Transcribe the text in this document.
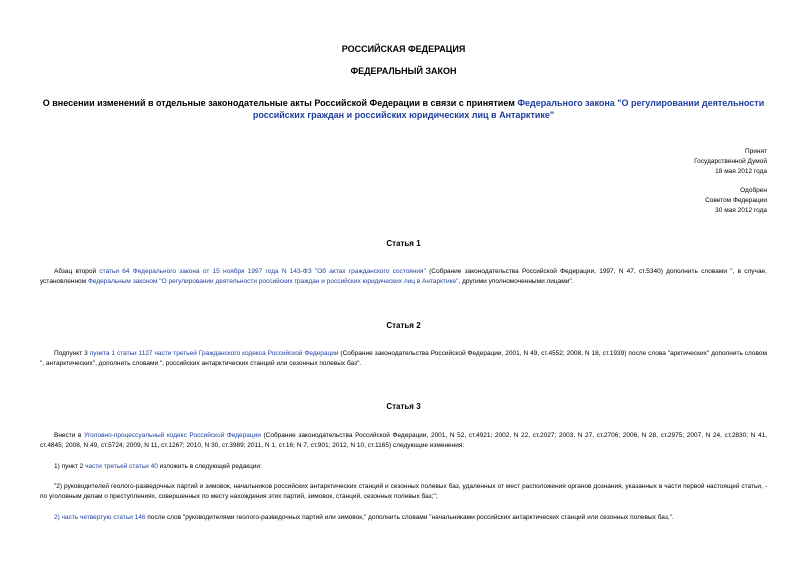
РОССИЙСКАЯ ФЕДЕРАЦИЯ
ФЕДЕРАЛЬНЫЙ ЗАКОН
О внесении изменений в отдельные законодательные акты Российской Федерации в связи с принятием Федерального закона "О регулировании деятельности российских граждан и российских юридических лиц в Антарктике"
Принят
Государственной Думой
18 мая 2012 года
Одобрен
Советом Федерации
30 мая 2012 года
Статья 1
Абзац второй статьи 64 Федерального закона от 15 ноября 1997 года N 143-ФЗ "Об актах гражданского состояния" (Собрание законодательства Российской Федерации, 1997, N 47, ст.5340) дополнить словами ", в случае, установленном Федеральным законом "О регулировании деятельности российских граждан и российских юридических лиц в Антарктике", другими уполномоченными лицами".
Статья 2
Подпункт 3 пункта 1 статьи 1127 части третьей Гражданского кодекса Российской Федерации (Собрание законодательства Российской Федерации, 2001, N 49, ст.4552; 2008, N 18, ст.1939) после слова "арктических" дополнить словом ", антарктических", дополнить словами ", российских антарктических станций или сезонных полевых баз".
Статья 3
Внести в Уголовно-процессуальный кодекс Российской Федерации (Собрание законодательства Российской Федерации, 2001, N 52, ст.4921; 2002, N 22, ст.2027; 2003, N 27, ст.2706; 2006, N 28, ст.2975; 2007, N 24, ст.2830; N 41, ст.4845; 2008, N 49, ст.5724; 2009, N 11, ст.1267; 2010, N 30, ст.3989; 2011, N 1, ст.16; N 7, ст.901; 2012, N 10, ст.1165) следующие изменения:
1) пункт 2 части третьей статьи 40 изложить в следующей редакции:
"2) руководителей геолого-разведочных партий и зимовок, начальников российских антарктических станций и сезонных полевых баз, удаленных от мест расположения органов дознания, указанных в части первой настоящей статьи, - по уголовным делам о преступлениях, совершенных по месту нахождения этих партий, зимовок, станций, сезонных полевых баз;";
2) часть четвертую статьи 146 после слов "руководителями геолого-разведочных партий или зимовок," дополнить словами "начальниками российских антарктических станций или сезонных полевых баз,".
